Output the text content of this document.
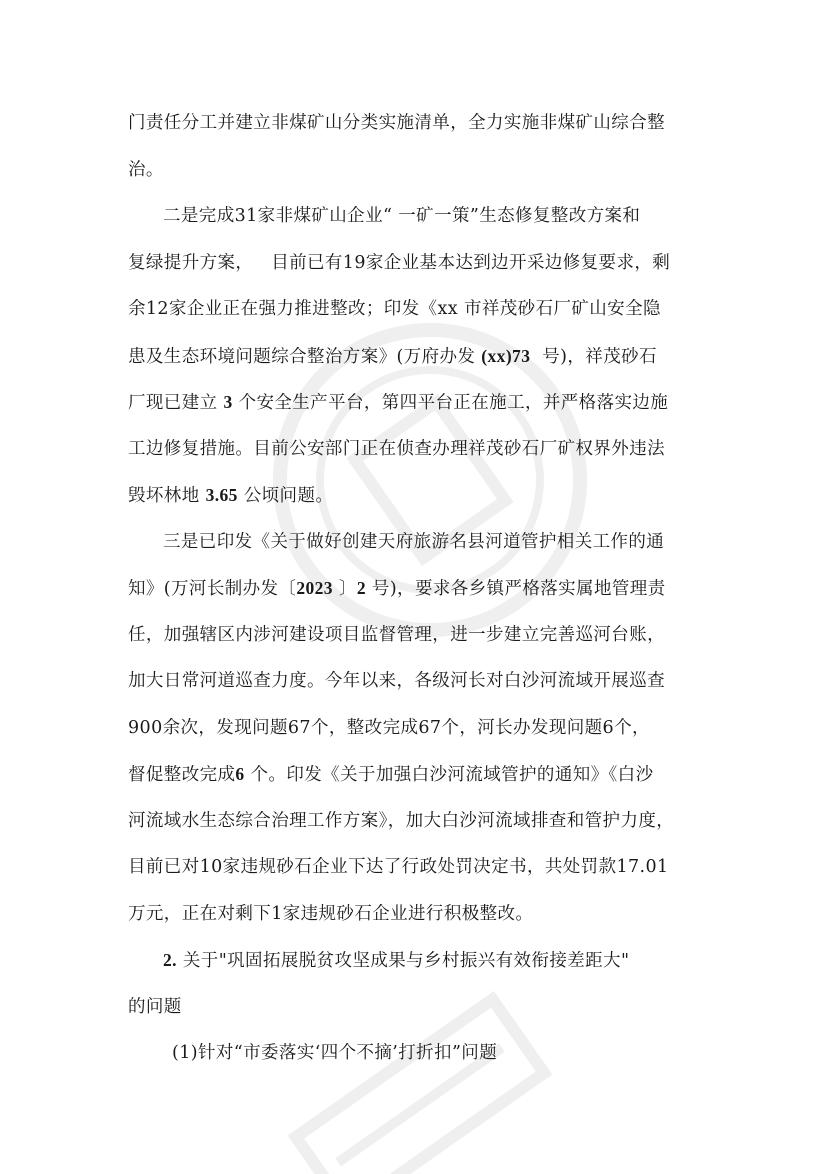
门责任分工并建立非煤矿山分类实施清单，全力实施非煤矿山综合整
治。
二是完成31家非煤矿山企业“ 一矿一策”生态修复整改方案和
复绿提升方案，   目前已有19家企业基本达到边开采边修复要求，剩
余12家企业正在强力推进整改；印发《xx 市祥茂砂石厂矿山安全隐
患及生态环境问题综合整治方案》(万府办发 (xx)73  号)，祥茂砂石
厂现已建立 3 个安全生产平台，第四平台正在施工，并严格落实边施
工边修复措施。目前公安部门正在侦查办理祥茂砂石厂矿权界外违法
毁坏林地 3.65 公顷问题。
三是已印发《关于做好创建天府旅游名县河道管护相关工作的通
知》(万河长制办发〔2023 〕2 号)，要求各乡镇严格落实属地管理责
任，加强辖区内涉河建设项目监督管理，进一步建立完善巡河台账，
加大日常河道巡查力度。今年以来，各级河长对白沙河流域开展巡查
900余次，发现问题67个，整改完成67个，河长办发现问题6个，
督促整改完成6 个。印发《关于加强白沙河流域管护的通知》《白沙
河流域水生态综合治理工作方案》，加大白沙河流域排查和管护力度，
目前已对10家违规砂石企业下达了行政处罚决定书，共处罚款17.01
万元，正在对剩下1家违规砂石企业进行积极整改。
2. 关于"巩固拓展脱贫攻坚成果与乡村振兴有效衔接差距大"
的问题
(1)针对“市委落实‘四个不摘’打折扣”问题
